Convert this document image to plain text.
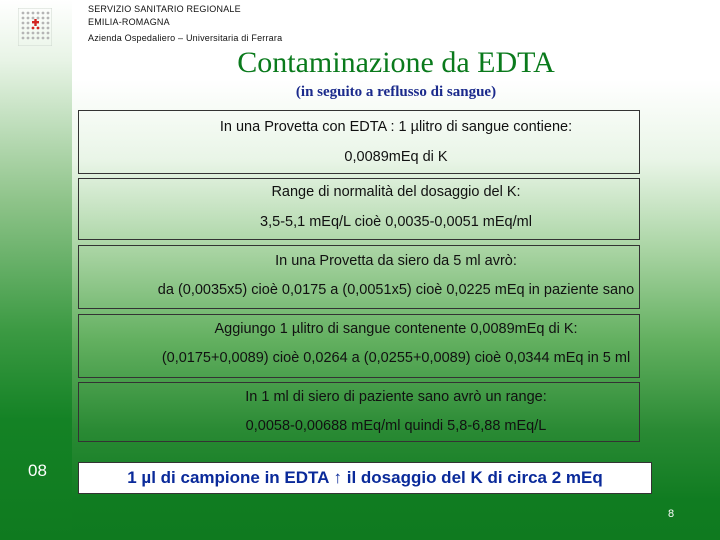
SERVIZIO SANITARIO REGIONALE
EMILIA-ROMAGNA
Azienda Ospedaliero – Universitaria di Ferrara
Contaminazione da EDTA
(in seguito a reflusso di sangue)
In una Provetta con EDTA : 1 µlitro di sangue contiene:
0,0089mEq di K
Range di normalità del dosaggio del K:
3,5-5,1 mEq/L cioè 0,0035-0,0051 mEq/ml
In una Provetta da siero da 5 ml avrò:
da (0,0035x5) cioè 0,0175 a (0,0051x5) cioè 0,0225 mEq in paziente sano
Aggiungo 1 µlitro di sangue contenente 0,0089mEq di K:
(0,0175+0,0089) cioè 0,0264 a (0,0255+0,0089) cioè 0,0344 mEq in 5 ml
In 1 ml di siero di paziente sano avrò un range:
0,0058-0,00688 mEq/ml quindi 5,8-6,88 mEq/L
08	1 µl di campione in EDTA ↑ il dosaggio del K di circa 2 mEq
8
